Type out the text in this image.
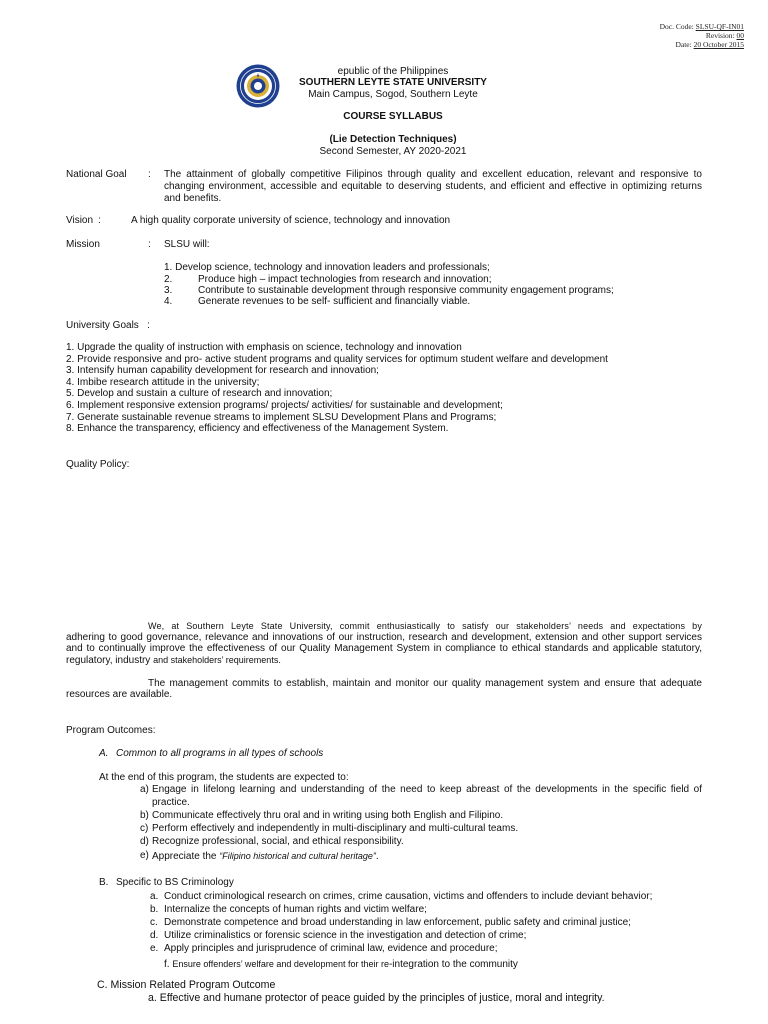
Doc. Code: SLSU-QF-IN01
Revision: 00
Date: 20 October 2015
epublic of the Philippines
SOUTHERN LEYTE STATE UNIVERSITY
Main Campus, Sogod, Southern Leyte
COURSE SYLLABUS
(Lie Detection Techniques)
Second Semester, AY 2020-2021
National Goal : The attainment of globally competitive Filipinos through quality and excellent education, relevant and responsive to changing environment, accessible and equitable to deserving students, and efficient and effective in optimizing returns and benefits.
Vision :	A high quality corporate university of science, technology and innovation
Mission	: SLSU will:
1. Develop science, technology and innovation leaders and professionals;
2.	Produce high – impact technologies from research and innovation;
3.	Contribute to sustainable development through responsive community engagement programs;
4.	Generate revenues to be self- sufficient and financially viable.
University Goals :
1. Upgrade the quality of instruction with emphasis on science, technology and innovation
2. Provide responsive and pro- active student programs and quality services for optimum student welfare and development
3. Intensify human capability development for research and innovation;
4. Imbibe research attitude in the university;
5. Develop and sustain a culture of research and innovation;
6. Implement responsive extension programs/ projects/ activities/ for sustainable and development;
7. Generate sustainable revenue streams to implement SLSU Development Plans and Programs;
8. Enhance the transparency, efficiency and effectiveness of the Management System.
Quality Policy:
We, at Southern Leyte State University, commit enthusiastically to satisfy our stakeholders’ needs and expectations by
adhering to good governance, relevance and innovations of our instruction, research and development, extension and other support services
and to continually improve the effectiveness of our Quality Management System in compliance to ethical standards and applicable statutory,
regulatory, industry and stakeholders’ requirements.
The management commits to establish, maintain and monitor our quality management system and ensure that adequate
resources are available.
Program Outcomes:
A. Common to all programs in all types of schools
At the end of this program, the students are expected to:
a) Engage in lifelong learning and understanding of the need to keep abreast of the developments in the specific field of
practice.
b) Communicate effectively thru oral and in writing using both English and Filipino.
c) Perform effectively and independently in multi-disciplinary and multi-cultural teams.
d) Recognize professional, social, and ethical responsibility.
e) Appreciate the “Filipino historical and cultural heritage”.
B. Specific to BS Criminology
a. Conduct criminological research on crimes, crime causation, victims and offenders to include deviant behavior;
b. Internalize the concepts of human rights and victim welfare;
c. Demonstrate competence and broad understanding in law enforcement, public safety and criminal justice;
d. Utilize criminalistics or forensic science in the investigation and detection of crime;
e. Apply principles and jurisprudence of criminal law, evidence and procedure;
f. Ensure offenders’ welfare and development for their re-integration to the community
C. Mission Related Program Outcome
a. Effective and humane protector of peace guided by the principles of justice, moral and integrity.
